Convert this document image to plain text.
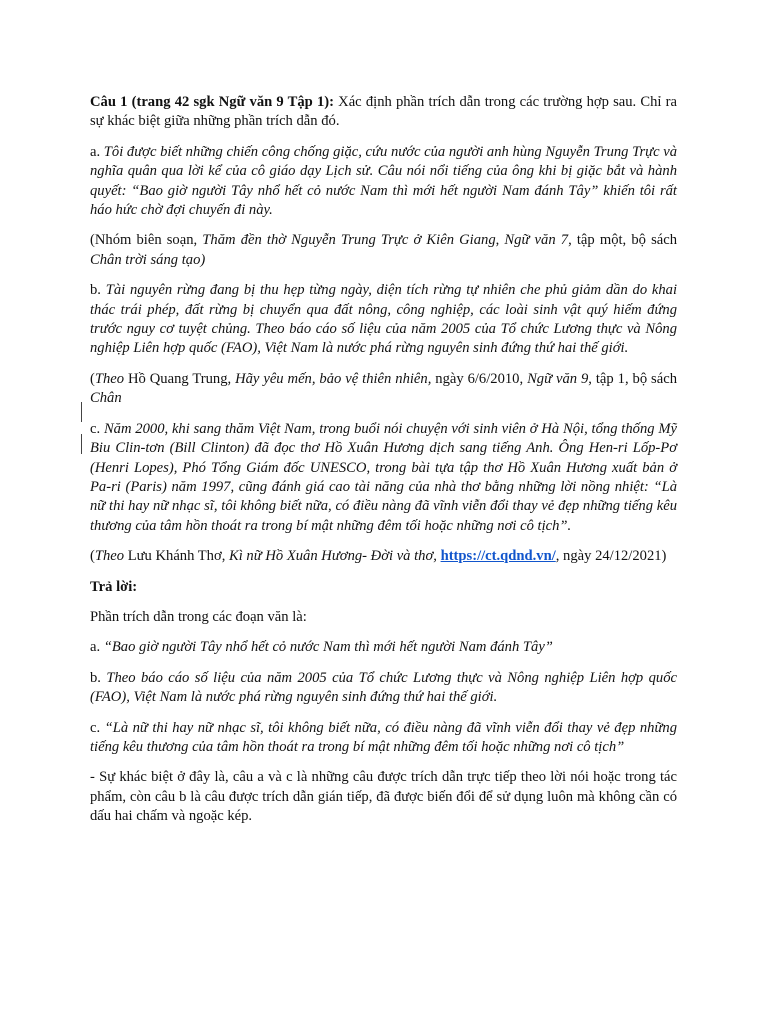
Câu 1 (trang 42 sgk Ngữ văn 9 Tập 1): Xác định phần trích dẫn trong các trường hợp sau. Chỉ ra sự khác biệt giữa những phần trích dẫn đó.

a. Tôi được biết những chiến công chống giặc, cứu nước của người anh hùng Nguyễn Trung Trực và nghĩa quân qua lời kể của cô giáo dạy Lịch sử. Câu nói nổi tiếng của ông khi bị giặc bắt và hành quyết: “Bao giờ người Tây nhổ hết cỏ nước Nam thì mới hết người Nam đánh Tây” khiến tôi rất háo hức chờ đợi chuyến đi này.

(Nhóm biên soạn, Thăm đền thờ Nguyễn Trung Trực ở Kiên Giang, Ngữ văn 7, tập một, bộ sách Chân trời sáng tạo)

b. Tài nguyên rừng đang bị thu hẹp từng ngày, diện tích rừng tự nhiên che phủ giảm dần do khai thác trái phép, đất rừng bị chuyển qua đất nông, công nghiệp, các loài sinh vật quý hiếm đứng trước nguy cơ tuyệt chủng. Theo báo cáo số liệu của năm 2005 của Tổ chức Lương thực và Nông nghiệp Liên hợp quốc (FAO), Việt Nam là nước phá rừng nguyên sinh đứng thứ hai thế giới.

(Theo Hồ Quang Trung, Hãy yêu mến, bảo vệ thiên nhiên, ngày 6/6/2010, Ngữ văn 9, tập 1, bộ sách Chân

c. Năm 2000, khi sang thăm Việt Nam, trong buổi nói chuyện với sinh viên ở Hà Nội, tổng thống Mỹ Biu Clin-tơn (Bill Clinton) đã đọc thơ Hồ Xuân Hương dịch sang tiếng Anh. Ông Hen-ri Lốp-Pơ (Henri Lopes), Phó Tổng Giám đốc UNESCO, trong bài tựa tập thơ Hồ Xuân Hương xuất bản ở Pa-ri (Paris) năm 1997, cũng đánh giá cao tài năng của nhà thơ bằng những lời nồng nhiệt: “Là nữ thi hay nữ nhạc sĩ, tôi không biết nữa, có điều nàng đã vĩnh viễn đổi thay vẻ đẹp những tiếng kêu thương của tâm hồn thoát ra trong bí mật những đêm tối hoặc những nơi cô tịch”.

(Theo Lưu Khánh Thơ, Kì nữ Hồ Xuân Hương- Đời và thơ, https://ct.qdnd.vn/, ngày 24/12/2021)

Trả lời:

Phần trích dẫn trong các đoạn văn là:

a. “Bao giờ người Tây nhổ hết cỏ nước Nam thì mới hết người Nam đánh Tây”

b. Theo báo cáo số liệu của năm 2005 của Tổ chức Lương thực và Nông nghiệp Liên hợp quốc (FAO), Việt Nam là nước phá rừng nguyên sinh đứng thứ hai thế giới.

c. “Là nữ thi hay nữ nhạc sĩ, tôi không biết nữa, có điều nàng đã vĩnh viễn đổi thay vẻ đẹp những tiếng kêu thương của tâm hồn thoát ra trong bí mật những đêm tối hoặc những nơi cô tịch”

- Sự khác biệt ở đây là, câu a và c là những câu được trích dẫn trực tiếp theo lời nói hoặc trong tác phẩm, còn câu b là câu được trích dẫn gián tiếp, đã được biến đổi để sử dụng luôn mà không cần có dấu hai chấm và ngoặc kép.
